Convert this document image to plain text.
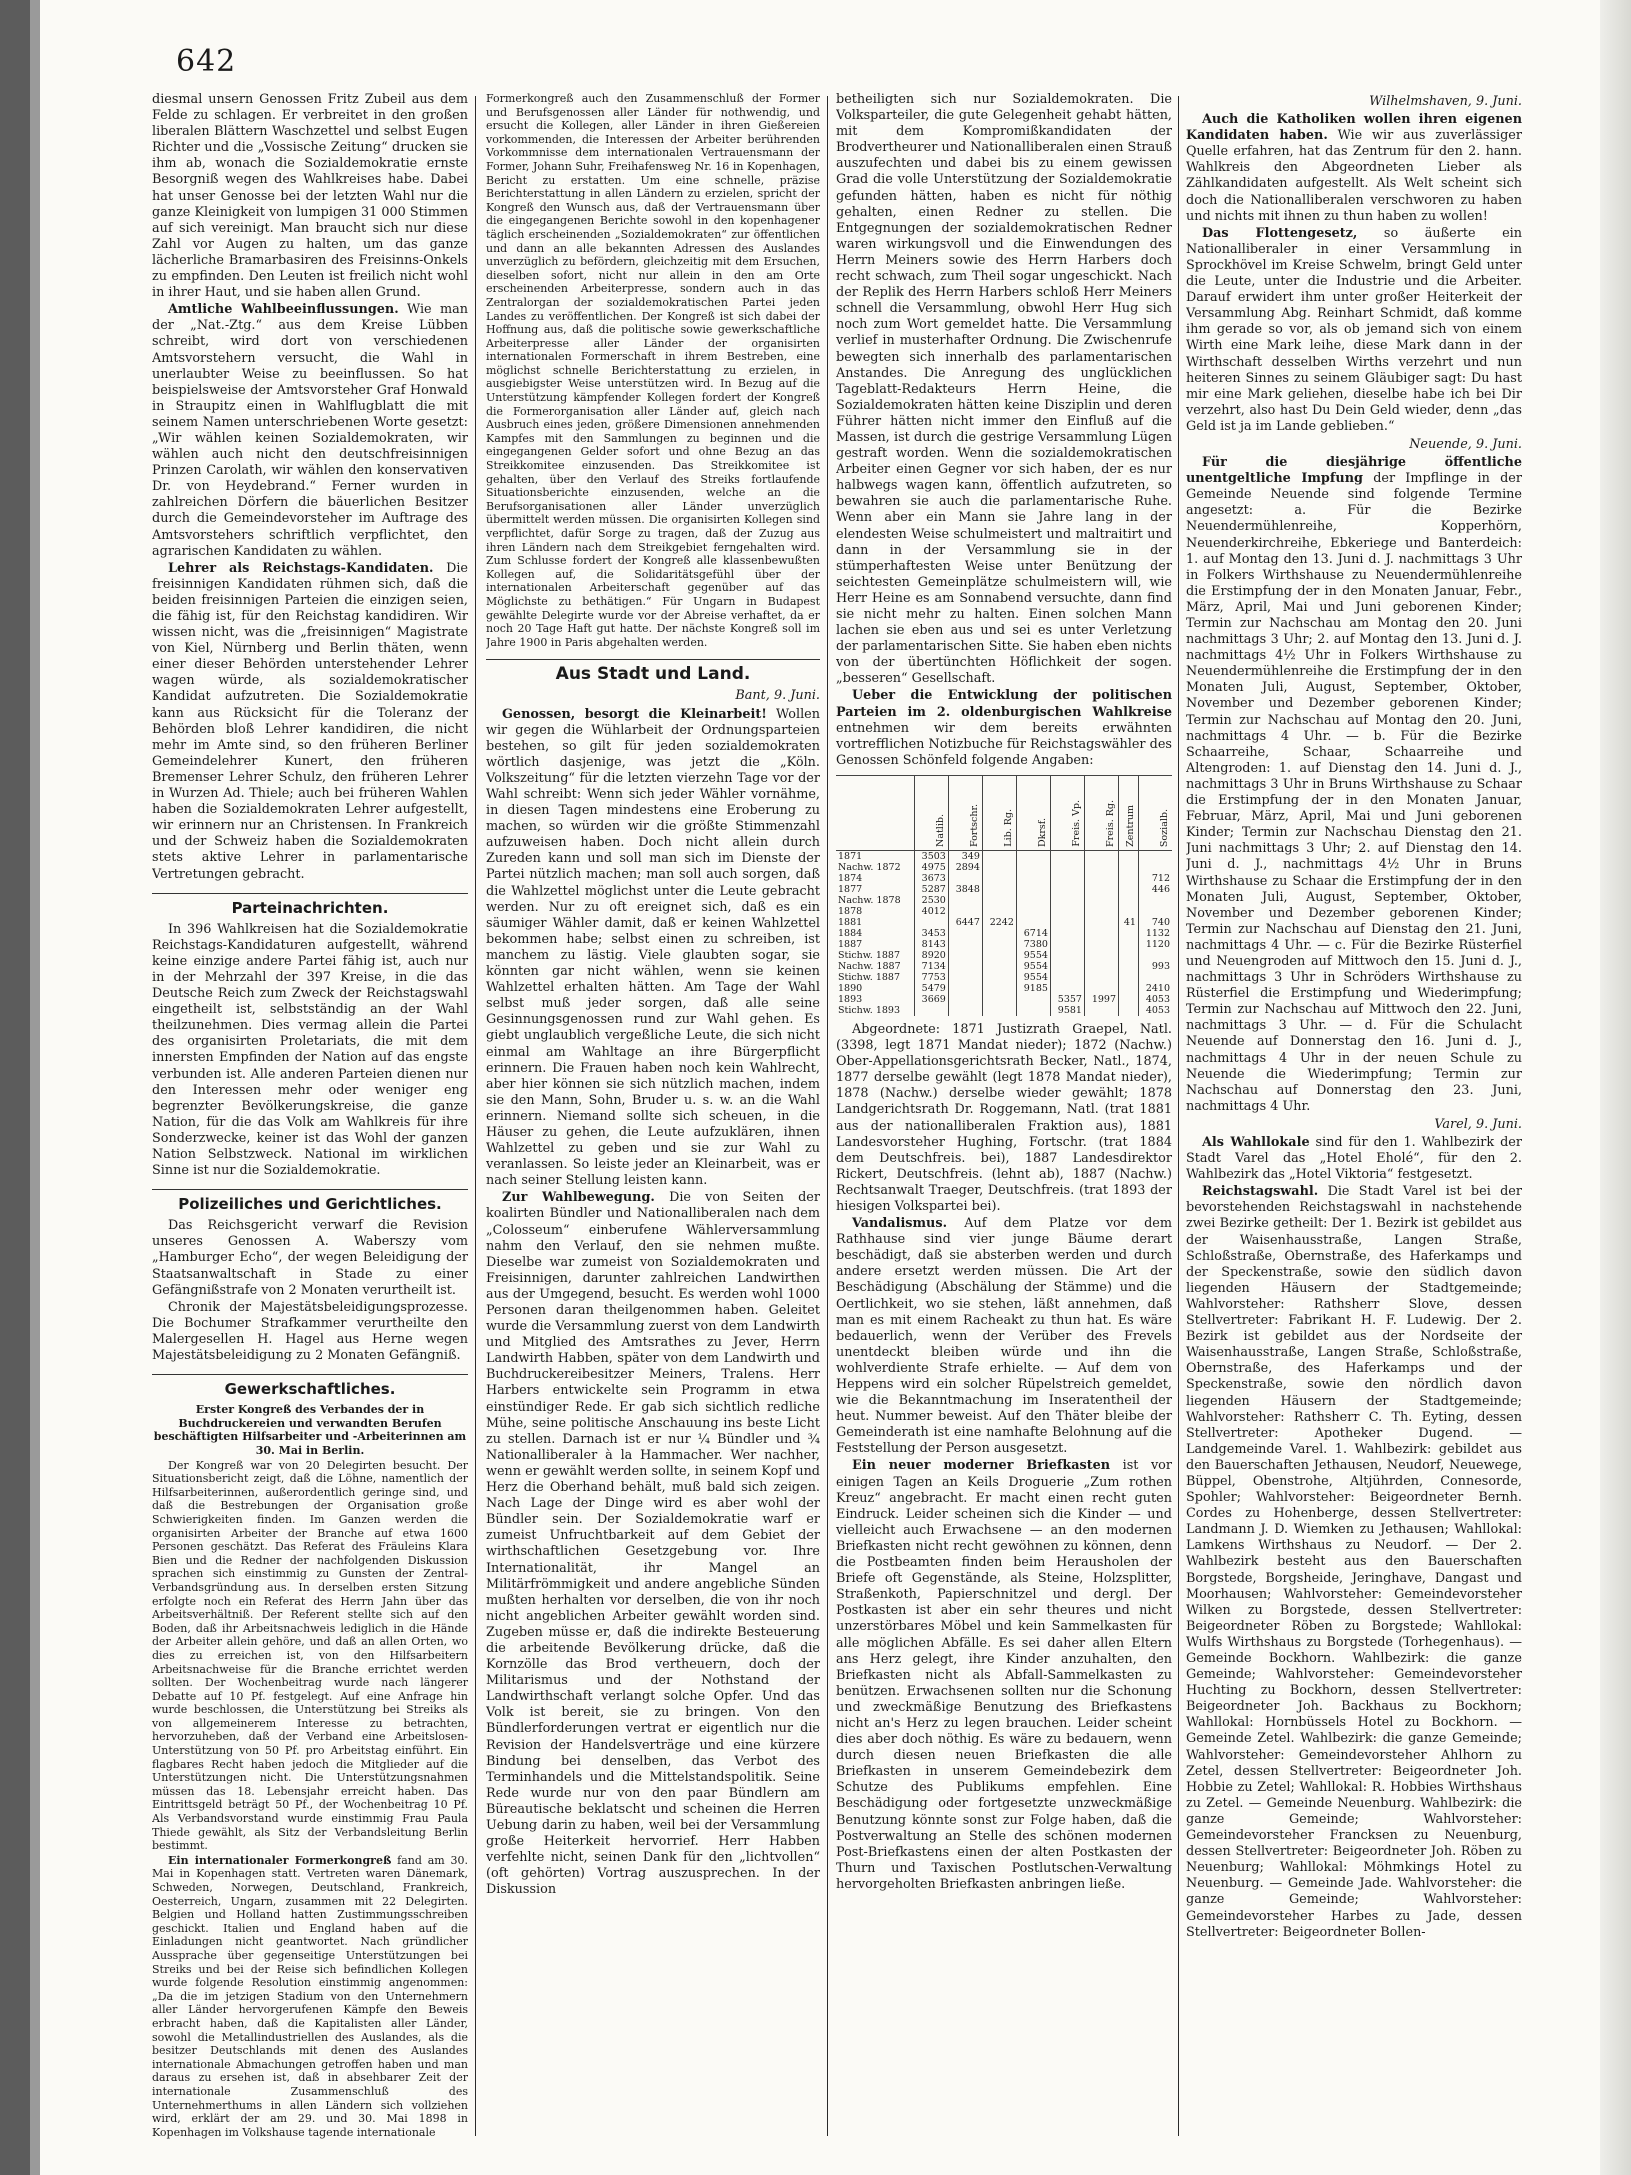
642

diesmal unsern Genossen Fritz Zubeil aus dem Felde zu schlagen. Er verbreitet in den großen liberalen Blättern Waschzettel und selbst Eugen Richter und die „Vossische Zeitung“ drucken sie ihm ab, wonach die Sozialdemokratie ernste Besorgniß wegen des Wahlkreises habe. Dabei hat unser Genosse bei der letzten Wahl nur die ganze Kleinigkeit von lumpigen 31 000 Stimmen auf sich vereinigt. Man braucht sich nur diese Zahl vor Augen zu halten, um das ganze lächerliche Bramarbasiren des Freisinns-Onkels zu empfinden. Den Leuten ist freilich nicht wohl in ihrer Haut, und sie haben allen Grund.

Amtliche Wahlbeeinflussungen. Wie man der „Nat.-Ztg.“ aus dem Kreise Lübben schreibt, wird dort von verschiedenen Amtsvorstehern versucht, die Wahl in unerlaubter Weise zu beeinflussen. So hat beispielsweise der Amtsvorsteher Graf Honwald in Straupitz einen in Wahlflugblatt die mit seinem Namen unterschriebenen Worte gesetzt: „Wir wählen keinen Sozialdemokraten, wir wählen auch nicht den deutschfreisinnigen Prinzen Carolath, wir wählen den konservativen Dr. von Heydebrand.“ Ferner wurden in zahlreichen Dörfern die bäuerlichen Besitzer durch die Gemeindevorsteher im Auftrage des Amtsvorstehers schriftlich verpflichtet, den agrarischen Kandidaten zu wählen.

Lehrer als Reichstags-Kandidaten. Die freisinnigen Kandidaten rühmen sich, daß die beiden freisinnigen Parteien die einzigen seien, die fähig ist, für den Reichstag kandidiren. Wir wissen nicht, was die „freisinnigen“ Magistrate von Kiel, Nürnberg und Berlin thäten, wenn einer dieser Behörden unterstehender Lehrer wagen würde, als sozialdemokratischer Kandidat aufzutreten. Die Sozialdemokratie kann aus Rücksicht für die Toleranz der Behörden bloß Lehrer kandidiren, die nicht mehr im Amte sind, so den früheren Berliner Gemeindelehrer Kunert, den früheren Bremenser Lehrer Schulz, den früheren Lehrer in Wurzen Ad. Thiele; auch bei früheren Wahlen haben die Sozialdemokraten Lehrer aufgestellt, wir erinnern nur an Christensen. In Frankreich und der Schweiz haben die Sozialdemokraten stets aktive Lehrer in parlamentarische Vertretungen gebracht.

Parteinachrichten.

In 396 Wahlkreisen hat die Sozialdemokratie Reichstags-Kandidaturen aufgestellt, während keine einzige andere Partei fähig ist, auch nur in der Mehrzahl der 397 Kreise, in die das Deutsche Reich zum Zweck der Reichstagswahl eingetheilt ist, selbstständig an der Wahl theilzunehmen. Dies vermag allein die Partei des organisirten Proletariats, die mit dem innersten Empfinden der Nation auf das engste verbunden ist. Alle anderen Parteien dienen nur den Interessen mehr oder weniger eng begrenzter Bevölkerungskreise, die ganze Nation, für die das Volk am Wahlkreis für ihre Sonderzwecke, keiner ist das Wohl der ganzen Nation Selbstzweck. National im wirklichen Sinne ist nur die Sozialdemokratie.

Polizeiliches und Gerichtliches.

Das Reichsgericht verwarf die Revision unseres Genossen A. Waberszy vom „Hamburger Echo“, der wegen Beleidigung der Staatsanwaltschaft in Stade zu einer Gefängnißstrafe von 2 Monaten verurtheilt ist.

Chronik der Majestätsbeleidigungsprozesse. Die Bochumer Strafkammer verurtheilte den Malergesellen H. Hagel aus Herne wegen Majestätsbeleidigung zu 2 Monaten Gefängniß.

Gewerkschaftliches.

Erster Kongreß des Verbandes der in Buchdruckereien und verwandten Berufen beschäftigten Hilfsarbeiter und -Arbeiterinnen am 30. Mai in Berlin.

Der Kongreß war von 20 Delegirten besucht. Der Situationsbericht zeigt, daß die Löhne, namentlich der Hilfsarbeiterinnen, außerordentlich geringe sind, und daß die Bestrebungen der Organisation große Schwierigkeiten finden. Im Ganzen werden die organisirten Arbeiter der Branche auf etwa 1600 Personen geschätzt. Das Referat des Fräuleins Klara Bien und die Redner der nachfolgenden Diskussion sprachen sich einstimmig zu Gunsten der Zentral-Verbandsgründung aus. In derselben ersten Sitzung erfolgte noch ein Referat des Herrn Jahn über das Arbeitsverhältniß. Der Referent stellte sich auf den Boden, daß ihr Arbeitsnachweis lediglich in die Hände der Arbeiter allein gehöre, und daß an allen Orten, wo dies zu erreichen ist, von den Hilfsarbeitern Arbeitsnachweise für die Branche errichtet werden sollten. Der Wochenbeitrag wurde nach längerer Debatte auf 10 Pf. festgelegt. Auf eine Anfrage hin wurde beschlossen, die Unterstützung bei Streiks als von allgemeinerem Interesse zu betrachten, hervorzuheben, daß der Verband eine Arbeitslosen-Unterstützung von 50 Pf. pro Arbeitstag einführt. Ein flagbares Recht haben jedoch die Mitglieder auf die Unterstützungen nicht. Die Unterstützungsnahmen müssen das 18. Lebensjahr erreicht haben. Das Eintrittsgeld beträgt 50 Pf., der Wochenbeitrag 10 Pf. Als Verbandsvorstand wurde einstimmig Frau Paula Thiede gewählt, als Sitz der Verbandsleitung Berlin bestimmt.

Ein internationaler Formerkongreß fand am 30. Mai in Kopenhagen statt. Vertreten waren Dänemark, Schweden, Norwegen, Deutschland, Frankreich, Oesterreich, Ungarn, zusammen mit 22 Delegirten. Belgien und Holland hatten Zustimmungsschreiben geschickt. Italien und England haben auf die Einladungen nicht geantwortet. Nach gründlicher Aussprache über gegenseitige Unterstützungen bei Streiks und bei der Reise sich befindlichen Kollegen wurde folgende Resolution einstimmig angenommen: „Da die im jetzigen Stadium von den Unternehmern aller Länder hervorgerufenen Kämpfe den Beweis erbracht haben, daß die Kapitalisten aller Länder, sowohl die Metallindustriellen des Auslandes, als die besitzer Deutschlands mit denen des Auslandes internationale Abmachungen getroffen haben und man daraus zu ersehen ist, daß in absehbarer Zeit der internationale Zusammenschluß des Unternehmerthums in allen Ländern sich vollziehen wird, erklärt der am 29. und 30. Mai 1898 in Kopenhagen im Volkshause tagende internationale

Formerkongreß auch den Zusammenschluß der Former und Berufsgenossen aller Länder für nothwendig, und ersucht die Kollegen, aller Länder in ihren Gießereien vorkommenden, die Interessen der Arbeiter berührenden Vorkommnisse dem internationalen Vertrauensmann der Former, Johann Suhr, Freihafensweg Nr. 16 in Kopenhagen, Bericht zu erstatten. Um eine schnelle, präzise Berichterstattung in allen Ländern zu erzielen, spricht der Kongreß den Wunsch aus, daß der Vertrauensmann über die eingegangenen Berichte sowohl in den kopenhagener täglich erscheinenden „Sozialdemokraten“ zur öffentlichen und dann an alle bekannten Adressen des Auslandes unverzüglich zu befördern, gleichzeitig mit dem Ersuchen, dieselben sofort, nicht nur allein in den am Orte erscheinenden Arbeiterpresse, sondern auch in das Zentralorgan der sozialdemokratischen Partei jeden Landes zu veröffentlichen. Der Kongreß ist sich dabei der Hoffnung aus, daß die politische sowie gewerkschaftliche Arbeiterpresse aller Länder der organisirten internationalen Formerschaft in ihrem Bestreben, eine möglichst schnelle Berichterstattung zu erzielen, in ausgiebigster Weise unterstützen wird. In Bezug auf die Unterstützung kämpfender Kollegen fordert der Kongreß die Formerorganisation aller Länder auf, gleich nach Ausbruch eines jeden, größere Dimensionen annehmenden Kampfes mit den Sammlungen zu beginnen und die eingegangenen Gelder sofort und ohne Bezug an das Streikkomitee einzusenden. Das Streikkomitee ist gehalten, über den Verlauf des Streiks fortlaufende Situationsberichte einzusenden, welche an die Berufsorganisationen aller Länder unverzüglich übermittelt werden müssen. Die organisirten Kollegen sind verpflichtet, dafür Sorge zu tragen, daß der Zuzug aus ihren Ländern nach dem Streikgebiet ferngehalten wird. Zum Schlusse fordert der Kongreß alle klassenbewußten Kollegen auf, die Solidaritätsgefühl über der internationalen Arbeiterschaft gegenüber auf das Möglichste zu bethätigen.“ Für Ungarn in Budapest gewählte Delegirte wurde vor der Abreise verhaftet, da er noch 20 Tage Haft gut hatte. Der nächste Kongreß soll im Jahre 1900 in Paris abgehalten werden.

Aus Stadt und Land.
Bant, 9. Juni.

Genossen, besorgt die Kleinarbeit! Wollen wir gegen die Wühlarbeit der Ordnungsparteien bestehen, so gilt für jeden sozialdemokraten wörtlich dasjenige, was jetzt die „Köln. Volkszeitung“ für die letzten vierzehn Tage vor der Wahl schreibt: Wenn sich jeder Wähler vornähme, in diesen Tagen mindestens eine Eroberung zu machen, so würden wir die größte Stimmenzahl aufzuweisen haben. Doch nicht allein durch Zureden kann und soll man sich im Dienste der Partei nützlich machen; man soll auch sorgen, daß die Wahlzettel möglichst unter die Leute gebracht werden. Nur zu oft ereignet sich, daß es ein säumiger Wähler damit, daß er keinen Wahlzettel bekommen habe; selbst einen zu schreiben, ist manchem zu lästig. Viele glaubten sogar, sie könnten gar nicht wählen, wenn sie keinen Wahlzettel erhalten hätten. Am Tage der Wahl selbst muß jeder sorgen, daß alle seine Gesinnungsgenossen rund zur Wahl gehen. Es giebt unglaublich vergeßliche Leute, die sich nicht einmal am Wahltage an ihre Bürgerpflicht erinnern. Die Frauen haben noch kein Wahlrecht, aber hier können sie sich nützlich machen, indem sie den Mann, Sohn, Bruder u. s. w. an die Wahl erinnern. Niemand sollte sich scheuen, in die Häuser zu gehen, die Leute aufzuklären, ihnen Wahlzettel zu geben und sie zur Wahl zu veranlassen. So leiste jeder an Kleinarbeit, was er nach seiner Stellung leisten kann.

Zur Wahlbewegung. Die von Seiten der koalirten Bündler und Nationalliberalen nach dem „Colosseum“ einberufene Wählerversammlung nahm den Verlauf, den sie nehmen mußte. Dieselbe war zumeist von Sozialdemokraten und Freisinnigen, darunter zahlreichen Landwirthen aus der Umgegend, besucht. Es werden wohl 1000 Personen daran theilgenommen haben. Geleitet wurde die Versammlung zuerst von dem Landwirth und Mitglied des Amtsrathes zu Jever, Herrn Landwirth Habben, später von dem Landwirth und Buchdruckereibesitzer Meiners, Tralens. Herr Harbers entwickelte sein Programm in etwa einstündiger Rede. Er gab sich sichtlich redliche Mühe, seine politische Anschauung ins beste Licht zu stellen. Darnach ist er nur ¼ Bündler und ¾ Nationalliberaler à la Hammacher. Wer nachher, wenn er gewählt werden sollte, in seinem Kopf und Herz die Oberhand behält, muß bald sich zeigen. Nach Lage der Dinge wird es aber wohl der Bündler sein. Der Sozialdemokratie warf er zumeist Unfruchtbarkeit auf dem Gebiet der wirthschaftlichen Gesetzgebung vor. Ihre Internationalität, ihr Mangel an Militärfrömmigkeit und andere angebliche Sünden mußten herhalten vor derselben, die von ihr noch nicht angeblichen Arbeiter gewählt worden sind. Zugeben müsse er, daß die indirekte Besteuerung die arbeitende Bevölkerung drücke, daß die Kornzölle das Brod vertheuern, doch der Militarismus und der Nothstand der Landwirthschaft verlangt solche Opfer. Und das Volk ist bereit, sie zu bringen. Von den Bündlerforderungen vertrat er eigentlich nur die Revision der Handelsverträge und eine kürzere Bindung bei denselben, das Verbot des Terminhandels und die Mittelstandspolitik. Seine Rede wurde nur von den paar Bündlern am Büreautische beklatscht und scheinen die Herren Uebung darin zu haben, weil bei der Versammlung große Heiterkeit hervorrief. Herr Habben verfehlte nicht, seinen Dank für den „lichtvollen“ (oft gehörten) Vortrag auszusprechen. In der Diskussion

betheiligten sich nur Sozialdemokraten. Die Volksparteiler, die gute Gelegenheit gehabt hätten, mit dem Kompromißkandidaten der Brodvertheurer und Nationalliberalen einen Strauß auszufechten und dabei bis zu einem gewissen Grad die volle Unterstützung der Sozialdemokratie gefunden hätten, haben es nicht für nöthig gehalten, einen Redner zu stellen. Die Entgegnungen der sozialdemokratischen Redner waren wirkungsvoll und die Einwendungen des Herrn Meiners sowie des Herrn Harbers doch recht schwach, zum Theil sogar ungeschickt. Nach der Replik des Herrn Harbers schloß Herr Meiners schnell die Versammlung, obwohl Herr Hug sich noch zum Wort gemeldet hatte. Die Versammlung verlief in musterhafter Ordnung. Die Zwischenrufe bewegten sich innerhalb des parlamentarischen Anstandes. Die Anregung des unglücklichen Tageblatt-Redakteurs Herrn Heine, die Sozialdemokraten hätten keine Disziplin und deren Führer hätten nicht immer den Einfluß auf die Massen, ist durch die gestrige Versammlung Lügen gestraft worden. Wenn die sozialdemokratischen Arbeiter einen Gegner vor sich haben, der es nur halbwegs wagen kann, öffentlich aufzutreten, so bewahren sie auch die parlamentarische Ruhe. Wenn aber ein Mann sie Jahre lang in der elendesten Weise schulmeistert und maltraitirt und dann in der Versammlung sie in der stümperhaftesten Weise unter Benützung der seichtesten Gemeinplätze schulmeistern will, wie Herr Heine es am Sonnabend versuchte, dann find sie nicht mehr zu halten. Einen solchen Mann lachen sie eben aus und sei es unter Verletzung der parlamentarischen Sitte. Sie haben eben nichts von der übertünchten Höflichkeit der sogen. „besseren“ Gesellschaft.

Ueber die Entwicklung der politischen Parteien im 2. oldenburgischen Wahlkreise entnehmen wir dem bereits erwähnten vortrefflichen Notizbuche für Reichstagswähler des Genossen Schönfeld folgende Angaben:

	Natlib.	Fortschr.	Lib. Rg.	Dkrsf.	Freis. Vp.	Freis. Rg.	Zentrum	Sozialb.
1871	3503	349						
Nachw. 1872	4975	2894						
1874	3673							712
1877	5287	3848						446
Nachw. 1878	2530							
1878	4012							
1881		6447	2242				41	740
1884	3453			6714				1132
1887	8143			7380				1120
Stichw. 1887	8920			9554				
Nachw. 1887	7134			9554				993
Stichw. 1887	7753			9554				
1890	5479			9185				2410
1893	3669				5357	1997		4053
Stichw. 1893					9581			4053

Abgeordnete: 1871 Justizrath Graepel, Natl. (3398, legt 1871 Mandat nieder); 1872 (Nachw.) Ober-Appellationsgerichtsrath Becker, Natl., 1874, 1877 derselbe gewählt (legt 1878 Mandat nieder), 1878 (Nachw.) derselbe wieder gewählt; 1878 Landgerichtsrath Dr. Roggemann, Natl. (trat 1881 aus der nationalliberalen Fraktion aus), 1881 Landesvorsteher Hughing, Fortschr. (trat 1884 dem Deutschfreis. bei), 1887 Landesdirektor Rickert, Deutschfreis. (lehnt ab), 1887 (Nachw.) Rechtsanwalt Traeger, Deutschfreis. (trat 1893 der hiesigen Volkspartei bei).

Vandalismus. Auf dem Platze vor dem Rathhause sind vier junge Bäume derart beschädigt, daß sie absterben werden und durch andere ersetzt werden müssen. Die Art der Beschädigung (Abschälung der Stämme) und die Oertlichkeit, wo sie stehen, läßt annehmen, daß man es mit einem Racheakt zu thun hat. Es wäre bedauerlich, wenn der Verüber des Frevels unentdeckt bleiben würde und ihn die wohlverdiente Strafe erhielte. — Auf dem von Heppens wird ein solcher Rüpelstreich gemeldet, wie die Bekanntmachung im Inseratentheil der heut. Nummer beweist. Auf den Thäter bleibe der Gemeinderath ist eine namhafte Belohnung auf die Feststellung der Person ausgesetzt.

Ein neuer moderner Briefkasten ist vor einigen Tagen an Keils Droguerie „Zum rothen Kreuz“ angebracht. Er macht einen recht guten Eindruck. Leider scheinen sich die Kinder — und vielleicht auch Erwachsene — an den modernen Briefkasten nicht recht gewöhnen zu können, denn die Postbeamten finden beim Herausholen der Briefe oft Gegenstände, als Steine, Holzsplitter, Straßenkoth, Papierschnitzel und dergl. Der Postkasten ist aber ein sehr theures und nicht unzerstörbares Möbel und kein Sammelkasten für alle möglichen Abfälle. Es sei daher allen Eltern ans Herz gelegt, ihre Kinder anzuhalten, den Briefkasten nicht als Abfall-Sammelkasten zu benützen. Erwachsenen sollten nur die Schonung und zweckmäßige Benutzung des Briefkastens nicht an's Herz zu legen brauchen. Leider scheint dies aber doch nöthig. Es wäre zu bedauern, wenn durch diesen neuen Briefkasten die alle Briefkasten in unserem Gemeindebezirk dem Schutze des Publikums empfehlen. Eine Beschädigung oder fortgesetzte unzweckmäßige Benutzung könnte sonst zur Folge haben, daß die Postverwaltung an Stelle des schönen modernen Post-Briefkastens einen der alten Postkasten der Thurn und Taxischen Postlutschen-Verwaltung hervorgeholten Briefkasten anbringen ließe.

Wilhelmshaven, 9. Juni.

Auch die Katholiken wollen ihren eigenen Kandidaten haben. Wie wir aus zuverlässiger Quelle erfahren, hat das Zentrum für den 2. hann. Wahlkreis den Abgeordneten Lieber als Zählkandidaten aufgestellt. Als Welt scheint sich doch die Nationalliberalen verschworen zu haben und nichts mit ihnen zu thun haben zu wollen!

Das Flottengesetz, so äußerte ein Nationalliberaler in einer Versammlung in Sprockhövel im Kreise Schwelm, bringt Geld unter die Leute, unter die Industrie und die Arbeiter. Darauf erwidert ihm unter großer Heiterkeit der Versammlung Abg. Reinhart Schmidt, daß komme ihm gerade so vor, als ob jemand sich von einem Wirth eine Mark leihe, diese Mark dann in der Wirthschaft desselben Wirths verzehrt und nun heiteren Sinnes zu seinem Gläubiger sagt: Du hast mir eine Mark geliehen, dieselbe habe ich bei Dir verzehrt, also hast Du Dein Geld wieder, denn „das Geld ist ja im Lande geblieben.“

Neuende, 9. Juni.

Für die diesjährige öffentliche unentgeltliche Impfung der Impflinge in der Gemeinde Neuende sind folgende Termine angesetzt: a. Für die Bezirke Neuendermühlenreihe, Kopperhörn, Neuenderkirchreihe, Ebkeriege und Banterdeich: 1. auf Montag den 13. Juni d. J. nachmittags 3 Uhr in Folkers Wirthshause zu Neuendermühlenreihe die Erstimpfung der in den Monaten Januar, Febr., März, April, Mai und Juni geborenen Kinder; Termin zur Nachschau am Montag den 20. Juni nachmittags 3 Uhr; 2. auf Montag den 13. Juni d. J. nachmittags 4½ Uhr in Folkers Wirthshause zu Neuendermühlenreihe die Erstimpfung der in den Monaten Juli, August, September, Oktober, November und Dezember geborenen Kinder; Termin zur Nachschau auf Montag den 20. Juni, nachmittags 4 Uhr. — b. Für die Bezirke Schaarreihe, Schaar, Schaarreihe und Altengroden: 1. auf Dienstag den 14. Juni d. J., nachmittags 3 Uhr in Bruns Wirthshause zu Schaar die Erstimpfung der in den Monaten Januar, Februar, März, April, Mai und Juni geborenen Kinder; Termin zur Nachschau Dienstag den 21. Juni nachmittags 3 Uhr; 2. auf Dienstag den 14. Juni d. J., nachmittags 4½ Uhr in Bruns Wirthshause zu Schaar die Erstimpfung der in den Monaten Juli, August, September, Oktober, November und Dezember geborenen Kinder; Termin zur Nachschau auf Dienstag den 21. Juni, nachmittags 4 Uhr. — c. Für die Bezirke Rüsterfiel und Neuengroden auf Mittwoch den 15. Juni d. J., nachmittags 3 Uhr in Schröders Wirthshause zu Rüsterfiel die Erstimpfung und Wiederimpfung; Termin zur Nachschau auf Mittwoch den 22. Juni, nachmittags 3 Uhr. — d. Für die Schulacht Neuende auf Donnerstag den 16. Juni d. J., nachmittags 4 Uhr in der neuen Schule zu Neuende die Wiederimpfung; Termin zur Nachschau auf Donnerstag den 23. Juni, nachmittags 4 Uhr.

Varel, 9. Juni.

Als Wahllokale sind für den 1. Wahlbezirk der Stadt Varel das „Hotel Eholé“, für den 2. Wahlbezirk das „Hotel Viktoria“ festgesetzt.

Reichstagswahl. Die Stadt Varel ist bei der bevorstehenden Reichstagswahl in nachstehende zwei Bezirke getheilt: Der 1. Bezirk ist gebildet aus der Waisenhausstraße, Langen Straße, Schloßstraße, Obernstraße, des Haferkamps und der Speckenstraße, sowie den südlich davon liegenden Häusern der Stadtgemeinde; Wahlvorsteher: Rathsherr Slove, dessen Stellvertreter: Fabrikant H. F. Ludewig. Der 2. Bezirk ist gebildet aus der Nordseite der Waisenhausstraße, Langen Straße, Schloßstraße, Obernstraße, des Haferkamps und der Speckenstraße, sowie den nördlich davon liegenden Häusern der Stadtgemeinde; Wahlvorsteher: Rathsherr C. Th. Eyting, dessen Stellvertreter: Apotheker Dugend. — Landgemeinde Varel. 1. Wahlbezirk: gebildet aus den Bauerschaften Jethausen, Neudorf, Neuewege, Büppel, Obenstrohe, Altjührden, Connesorde, Spohler; Wahlvorsteher: Beigeordneter Bernh. Cordes zu Hohenberge, dessen Stellvertreter: Landmann J. D. Wiemken zu Jethausen; Wahllokal: Lamkens Wirthshaus zu Neudorf. — Der 2. Wahlbezirk besteht aus den Bauerschaften Borgstede, Borgsheide, Jeringhave, Dangast und Moorhausen; Wahlvorsteher: Gemeindevorsteher Wilken zu Borgstede, dessen Stellvertreter: Beigeordneter Röben zu Borgstede; Wahllokal: Wulfs Wirthshaus zu Borgstede (Torhegenhaus). — Gemeinde Bockhorn. Wahlbezirk: die ganze Gemeinde; Wahlvorsteher: Gemeindevorsteher Huchting zu Bockhorn, dessen Stellvertreter: Beigeordneter Joh. Backhaus zu Bockhorn; Wahllokal: Hornbüssels Hotel zu Bockhorn. — Gemeinde Zetel. Wahlbezirk: die ganze Gemeinde; Wahlvorsteher: Gemeindevorsteher Ahlhorn zu Zetel, dessen Stellvertreter: Beigeordneter Joh. Hobbie zu Zetel; Wahllokal: R. Hobbies Wirthshaus zu Zetel. — Gemeinde Neuenburg. Wahlbezirk: die ganze Gemeinde; Wahlvorsteher: Gemeindevorsteher Francksen zu Neuenburg, dessen Stellvertreter: Beigeordneter Joh. Röben zu Neuenburg; Wahllokal: Möhmkings Hotel zu Neuenburg. — Gemeinde Jade. Wahlvorsteher: die ganze Gemeinde; Wahlvorsteher: Gemeindevorsteher Harbes zu Jade, dessen Stellvertreter: Beigeordneter Bollen-
